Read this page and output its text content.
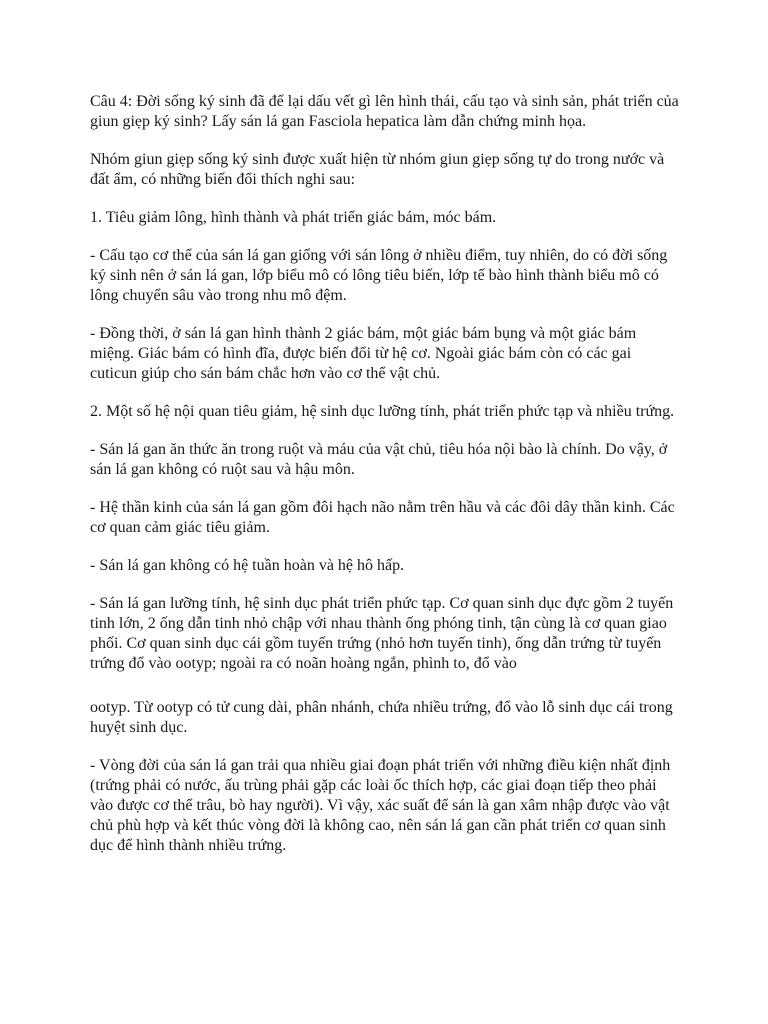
Câu 4: Đời sống ký sinh đã để lại dấu vết gì lên hình thái, cấu tạo và sinh sản, phát triển của giun giẹp ký sinh? Lấy sán lá gan Fasciola hepatica làm dẫn chứng minh họa.

Nhóm giun giẹp sống ký sinh được xuất hiện từ nhóm giun giẹp sống tự do trong nước và đất ẩm, có những biến đổi thích nghi sau:

1. Tiêu giảm lông, hình thành và phát triển giác bám, móc bám.

- Cấu tạo cơ thể của sán lá gan giống với sán lông ở nhiều điểm, tuy nhiên, do có đời sống ký sinh nên ở sán lá gan, lớp biểu mô có lông tiêu biến, lớp tế bào hình thành biểu mô có lông chuyển sâu vào trong nhu mô đệm.

- Đồng thời, ở sán lá gan hình thành 2 giác bám, một giác bám bụng và một giác bám miệng. Giác bám có hình đĩa, được biến đổi từ hệ cơ. Ngoài giác bám còn có các gai cuticun giúp cho sán bám chắc hơn vào cơ thể vật chủ.

2. Một số hệ nội quan tiêu giảm, hệ sinh dục lưỡng tính, phát triển phức tạp và nhiều trứng.

- Sán lá gan ăn thức ăn trong ruột và máu của vật chủ, tiêu hóa nội bào là chính. Do vậy, ở sán lá gan không có ruột sau và hậu môn.

- Hệ thần kinh của sán lá gan gồm đôi hạch não nằm trên hầu và các đôi dây thần kinh. Các cơ quan cảm giác tiêu giảm.

- Sán lá gan không có hệ tuần hoàn và hệ hô hấp.

- Sán lá gan lưỡng tính, hệ sinh dục phát triển phức tạp. Cơ quan sinh dục đực gồm 2 tuyến tinh lớn, 2 ống dẫn tinh nhỏ chập với nhau thành ống phóng tinh, tận cùng là cơ quan giao phối. Cơ quan sinh dục cái gồm tuyến trứng (nhỏ hơn tuyến tinh), ống dẫn trứng từ tuyến trứng đổ vào ootyp; ngoài ra có noãn hoàng ngắn, phình to, đổ vào

ootyp. Từ ootyp có tử cung dài, phân nhánh, chứa nhiều trứng, đổ vào lỗ sinh dục cái trong huyệt sinh dục.

- Vòng đời của sán lá gan trải qua nhiều giai đoạn phát triển với những điều kiện nhất định (trứng phải có nước, ấu trùng phải gặp các loài ốc thích hợp, các giai đoạn tiếp theo phải vào được cơ thể trâu, bò hay người). Vì vậy, xác suất để sán là gan xâm nhập được vào vật chủ phù hợp và kết thúc vòng đời là không cao, nên sán lá gan cần phát triển cơ quan sinh dục để hình thành nhiều trứng.
